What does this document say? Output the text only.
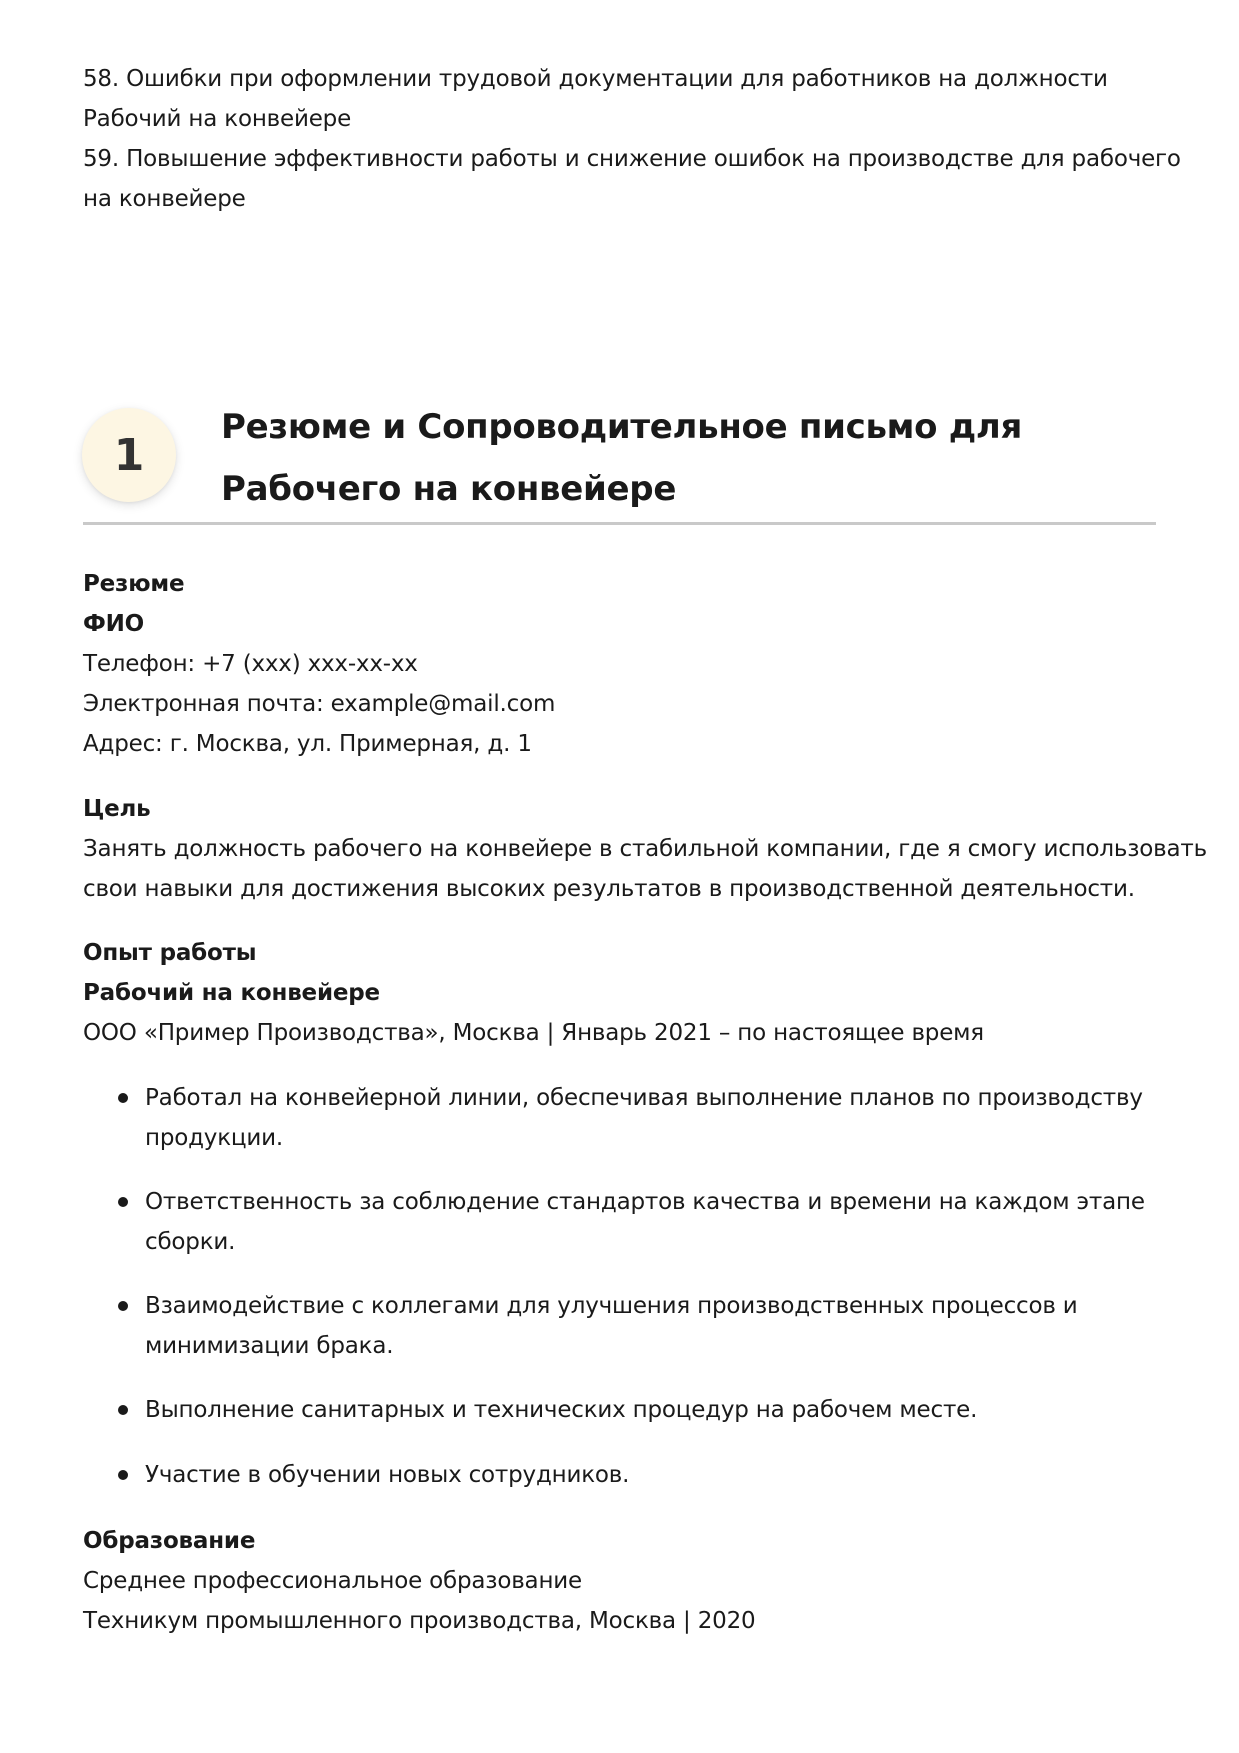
58. Ошибки при оформлении трудовой документации для работников на должности
Рабочий на конвейере
59. Повышение эффективности работы и снижение ошибок на производстве для рабочего
на конвейере
1
Резюме и Сопроводительное письмо для
Рабочего на конвейере
Резюме
ФИО
Телефон: +7 (xxx) xxx-xx-xx
Электронная почта: example@mail.com
Адрес: г. Москва, ул. Примерная, д. 1
Цель
Занять должность рабочего на конвейере в стабильной компании, где я смогу использовать
свои навыки для достижения высоких результатов в производственной деятельности.
Опыт работы
Рабочий на конвейере
ООО «Пример Производства», Москва | Январь 2021 – по настоящее время
Работал на конвейерной линии, обеспечивая выполнение планов по производству
продукции.
Ответственность за соблюдение стандартов качества и времени на каждом этапе
сборки.
Взаимодействие с коллегами для улучшения производственных процессов и
минимизации брака.
Выполнение санитарных и технических процедур на рабочем месте.
Участие в обучении новых сотрудников.
Образование
Среднее профессиональное образование
Техникум промышленного производства, Москва | 2020
